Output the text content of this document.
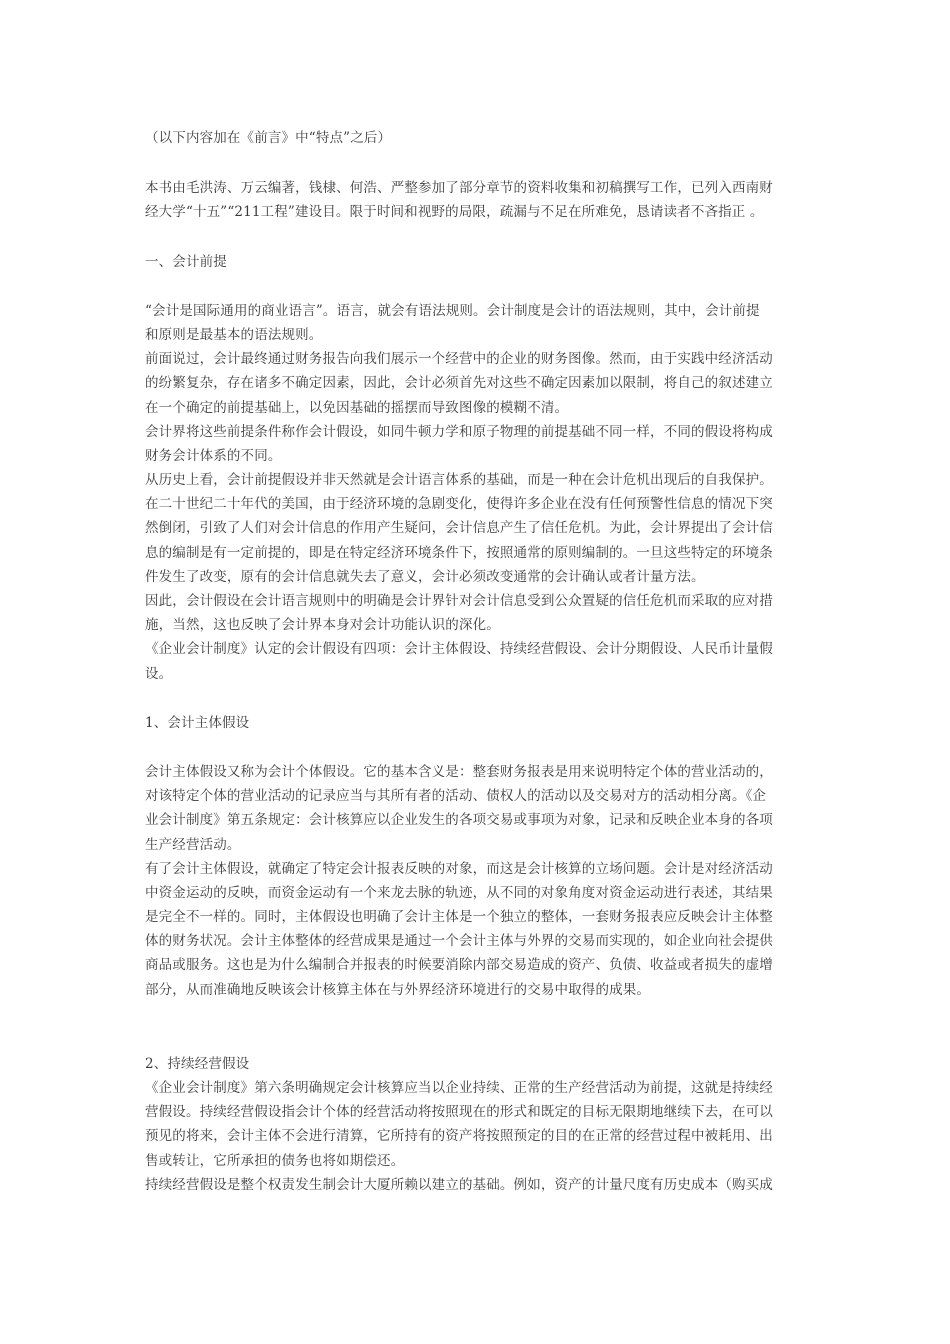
（以下内容加在《前言》中“特点”之后）
本书由毛洪涛、万云编著，钱棣、何浩、严整参加了部分章节的资料收集和初稿撰写工作，已列入西南财
经大学“十五”“211工程”建设目。限于时间和视野的局限，疏漏与不足在所难免，恳请读者不吝指正 。
一、会计前提
“会计是国际通用的商业语言”。语言，就会有语法规则。会计制度是会计的语法规则，其中，会计前提
和原则是最基本的语法规则。
前面说过，会计最终通过财务报告向我们展示一个经营中的企业的财务图像。然而，由于实践中经济活动
的纷繁复杂，存在诸多不确定因素，因此，会计必须首先对这些不确定因素加以限制，将自己的叙述建立
在一个确定的前提基础上，以免因基础的摇摆而导致图像的模糊不清。
会计界将这些前提条件称作会计假设，如同牛顿力学和原子物理的前提基础不同一样，不同的假设将构成
财务会计体系的不同。
从历史上看，会计前提假设并非天然就是会计语言体系的基础，而是一种在会计危机出现后的自我保护。
在二十世纪二十年代的美国，由于经济环境的急剧变化，使得许多企业在没有任何预警性信息的情况下突
然倒闭，引致了人们对会计信息的作用产生疑问，会计信息产生了信任危机。为此，会计界提出了会计信
息的编制是有一定前提的，即是在特定经济环境条件下，按照通常的原则编制的。一旦这些特定的环境条
件发生了改变，原有的会计信息就失去了意义，会计必须改变通常的会计确认或者计量方法。
因此，会计假设在会计语言规则中的明确是会计界针对会计信息受到公众置疑的信任危机而采取的应对措
施，当然，这也反映了会计界本身对会计功能认识的深化。
《企业会计制度》认定的会计假设有四项：会计主体假设、持续经营假设、会计分期假设、人民币计量假
设。
1、会计主体假设
会计主体假设又称为会计个体假设。它的基本含义是：整套财务报表是用来说明特定个体的营业活动的，
对该特定个体的营业活动的记录应当与其所有者的活动、债权人的活动以及交易对方的活动相分离。《企
业会计制度》第五条规定：会计核算应以企业发生的各项交易或事项为对象，记录和反映企业本身的各项
生产经营活动。
有了会计主体假设，就确定了特定会计报表反映的对象，而这是会计核算的立场问题。会计是对经济活动
中资金运动的反映，而资金运动有一个来龙去脉的轨迹，从不同的对象角度对资金运动进行表述，其结果
是完全不一样的。同时，主体假设也明确了会计主体是一个独立的整体，一套财务报表应反映会计主体整
体的财务状况。会计主体整体的经营成果是通过一个会计主体与外界的交易而实现的，如企业向社会提供
商品或服务。这也是为什么编制合并报表的时候要消除内部交易造成的资产、负债、收益或者损失的虚增
部分，从而准确地反映该会计核算主体在与外界经济环境进行的交易中取得的成果。
2、持续经营假设
《企业会计制度》第六条明确规定会计核算应当以企业持续、正常的生产经营活动为前提，这就是持续经
营假设。持续经营假设指会计个体的经营活动将按照现在的形式和既定的目标无限期地继续下去，在可以
预见的将来，会计主体不会进行清算，它所持有的资产将按照预定的目的在正常的经营过程中被耗用、出
售或转让，它所承担的债务也将如期偿还。
持续经营假设是整个权责发生制会计大厦所赖以建立的基础。例如，资产的计量尺度有历史成本（购买成
